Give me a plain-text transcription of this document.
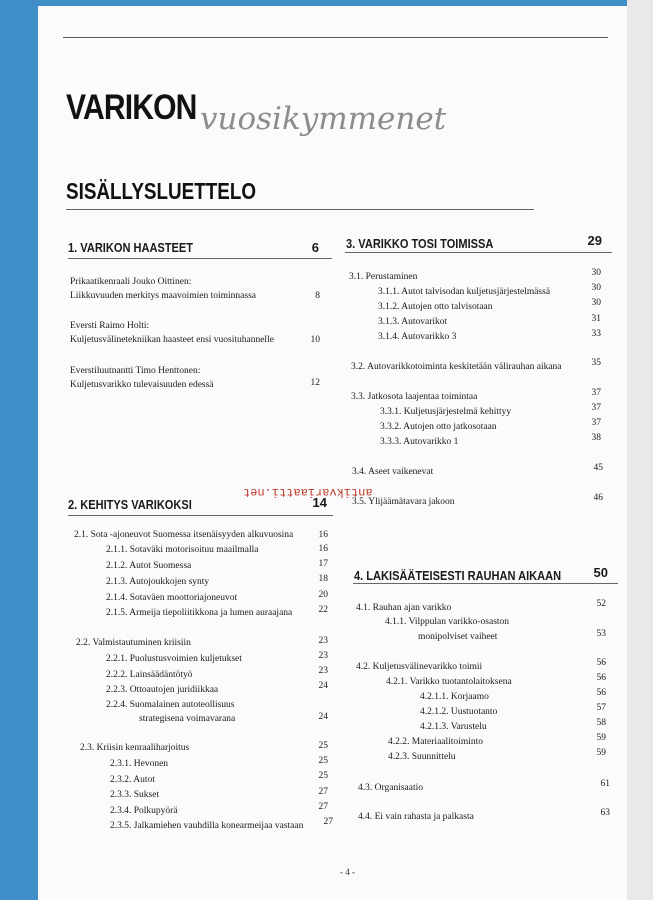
VARIKON vuosikymmenet
SISÄLLYSLUETTELO
1. VARIKON HAASTEET	6
Prikaatikenraali Jouko Oittinen:
Liikkuvuuden merkitys maavoimien toiminnassa	8
Eversti Raimo Holti:
Kuljetusvälinetekniikan haasteet ensi vuosituhannelle	10
Everstiluutnantti Timo Henttonen:
Kuljetusvarikko tulevaisuuden edessä	12
2. KEHITYS VARIKOKSI	14
2.1. Sota -ajoneuvot Suomessa itsenäisyyden alkuvuosina	16
2.1.1. Sotaväki motorisoituu maailmalla	16
2.1.2. Autot Suomessa	17
2.1.3. Autojoukkojen synty	18
2.1.4. Sotaväen moottoriajoneuvot	20
2.1.5. Armeija tiepoliitikkona ja lumen auraajana	22
2.2. Valmistautuminen kriisiin	23
2.2.1. Puolustusvoimien kuljetukset	23
2.2.2. Lainsäädäntötyö	23
2.2.3. Ottoautojen juridiikkaa	24
2.2.4. Suomalainen autoteollisuus
strategisena voimavarana	24
2.3. Kriisin kenraaliharjoitus	25
2.3.1. Hevonen	25
2.3.2. Autot	25
2.3.3. Sukset	27
2.3.4. Polkupyörä	27
2.3.5. Jalkamiehen vauhdilla konearmeijaa vastaan	27
3. VARIKKO TOSI TOIMISSA	29
3.1. Perustaminen	30
3.1.1. Autot talvisodan kuljetusjärjestelmässä	30
3.1.2. Autojen otto talvisotaan	30
3.1.3. Autovarikot	31
3.1.4. Autovarikko 3	33
3.2. Autovarikkotoiminta keskitetään välirauhan aikana	35
3.3. Jatkosota laajentaa toimintaa	37
3.3.1. Kuljetusjärjestelmä kehittyy	37
3.3.2. Autojen otto jatkosotaan	37
3.3.3. Autovarikko 1	38
3.4. Aseet vaikenevat	45
3.5. Ylijäämätavara jakoon	46
4. LAKISÄÄTEISESTI RAUHAN AIKAAN	50
4.1. Rauhan ajan varikko	52
4.1.1. Vilppulan varikko-osaston
monipolviset vaiheet	53
4.2. Kuljetusvälinevarikko toimii	56
4.2.1. Varikko tuotantolaitoksena	56
4.2.1.1. Korjaamo	56
4.2.1.2. Uustuotanto	57
4.2.1.3. Varustelu	58
4.2.2. Materiaalitoiminto	59
4.2.3. Suunnittelu	59
4.3. Organisaatio	61
4.4. Ei vain rahasta ja palkasta	63
antikvariaatti.net
- 4 -
